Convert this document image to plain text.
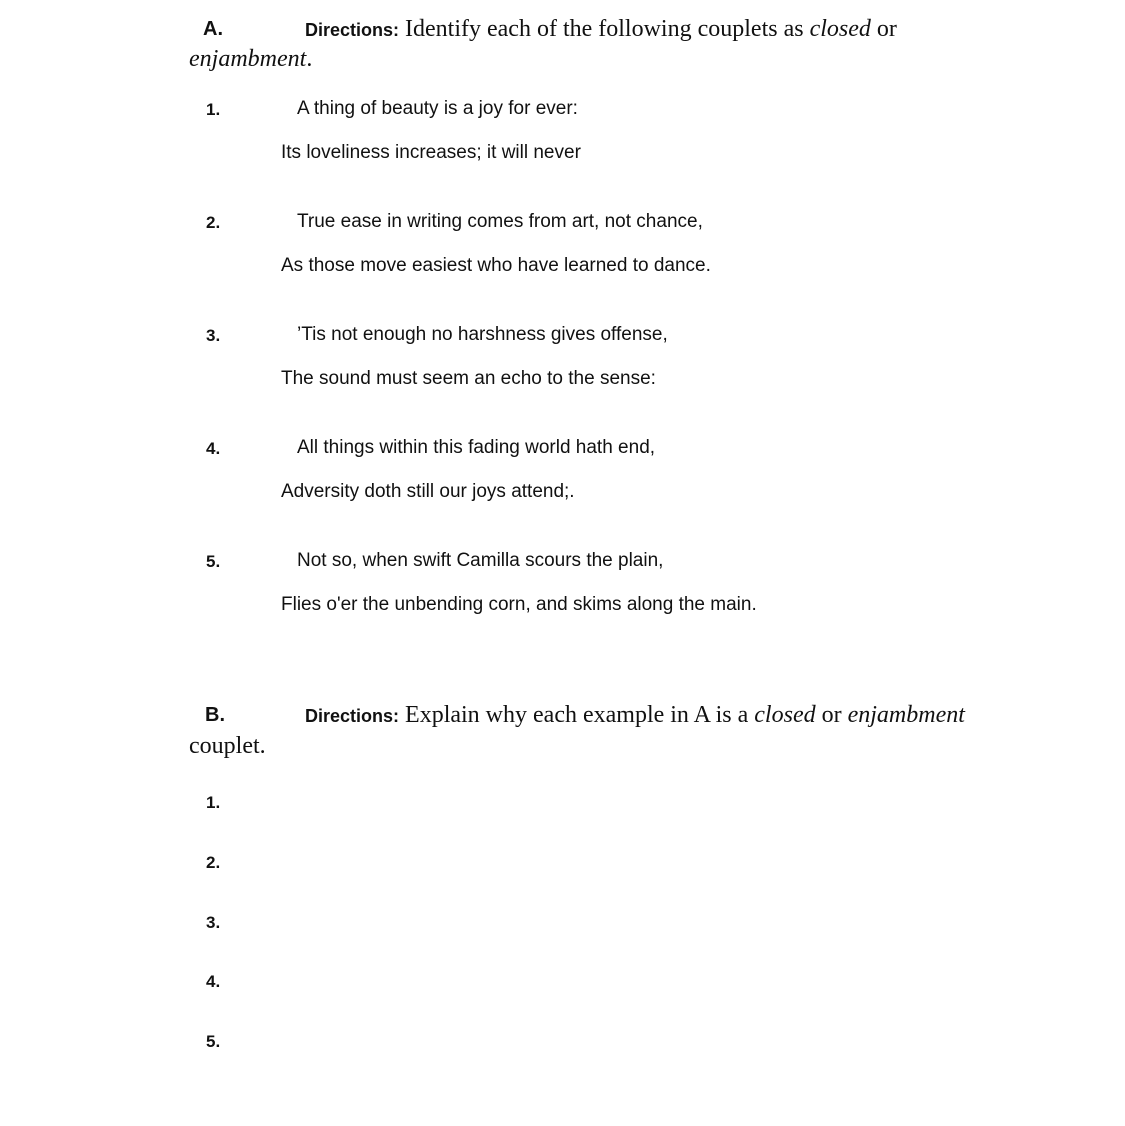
A.	Directions: Identify each of the following couplets as closed or
enjambment.
1.	A thing of beauty is a joy for ever:
Its loveliness increases; it will never
2.	True ease in writing comes from art, not chance,
As those move easiest who have learned to dance.
3.	’Tis not enough no harshness gives offense,
The sound must seem an echo to the sense:
4.	All things within this fading world hath end,
Adversity doth still our joys attend;.
5.	Not so, when swift Camilla scours the plain,
Flies o'er the unbending corn, and skims along the main.
B.	Directions: Explain why each example in A is a closed or enjambment
couplet.
1.
2.
3.
4.
5.
